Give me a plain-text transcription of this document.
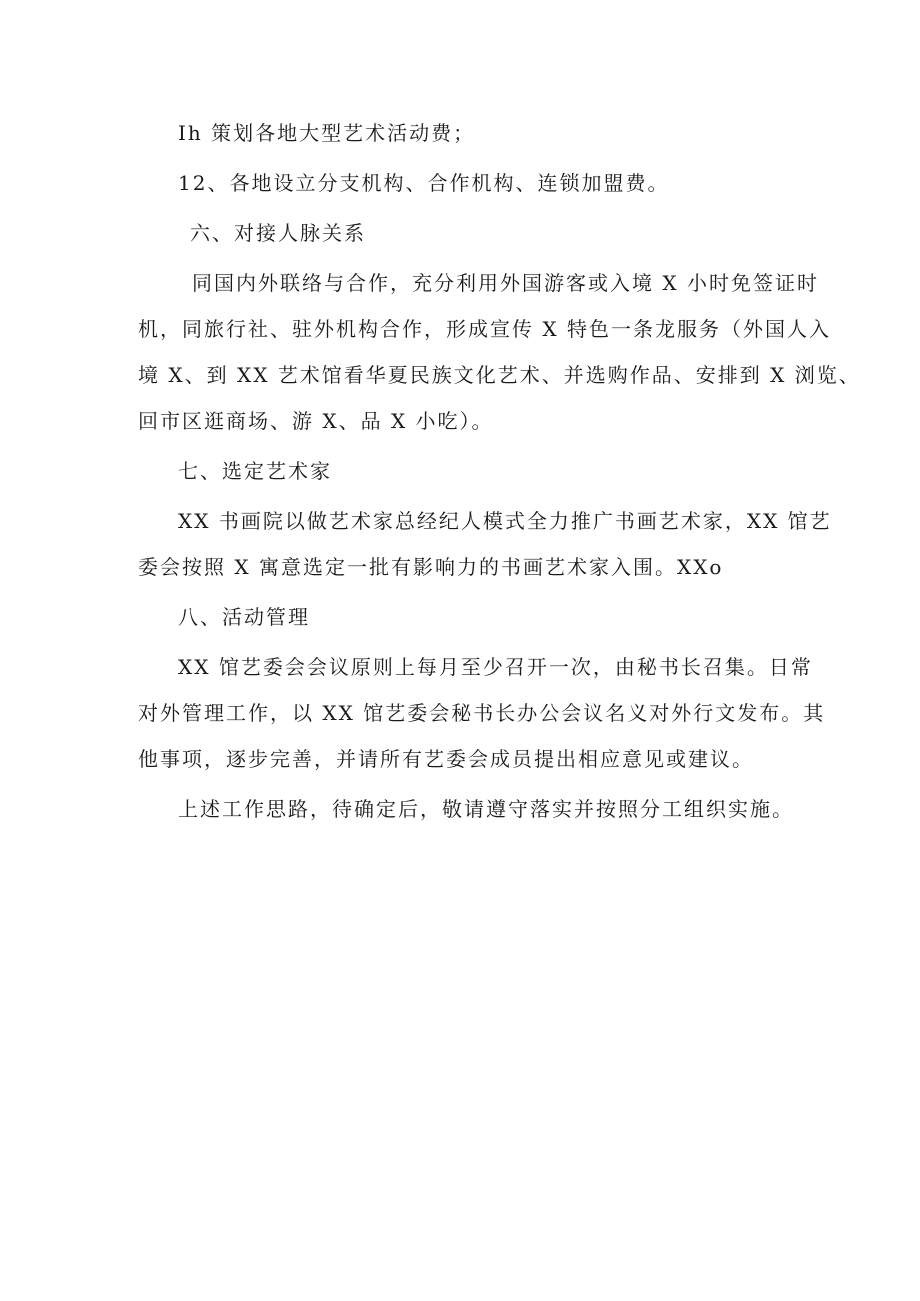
Ih 策划各地大型艺术活动费；
12、各地设立分支机构、合作机构、连锁加盟费。
六、对接人脉关系
同国内外联络与合作，充分利用外国游客或入境 X 小时免签证时
机，同旅行社、驻外机构合作，形成宣传 X 特色一条龙服务（外国人入
境 X、到 XX 艺术馆看华夏民族文化艺术、并选购作品、安排到 X 浏览、
回市区逛商场、游 X、品 X 小吃）。
七、选定艺术家
XX 书画院以做艺术家总经纪人模式全力推广书画艺术家，XX 馆艺
委会按照 X 寓意选定一批有影响力的书画艺术家入围。XXo
八、活动管理
XX 馆艺委会会议原则上每月至少召开一次，由秘书长召集。日常
对外管理工作，以 XX 馆艺委会秘书长办公会议名义对外行文发布。其
他事项，逐步完善，并请所有艺委会成员提出相应意见或建议。
上述工作思路，待确定后，敬请遵守落实并按照分工组织实施。
